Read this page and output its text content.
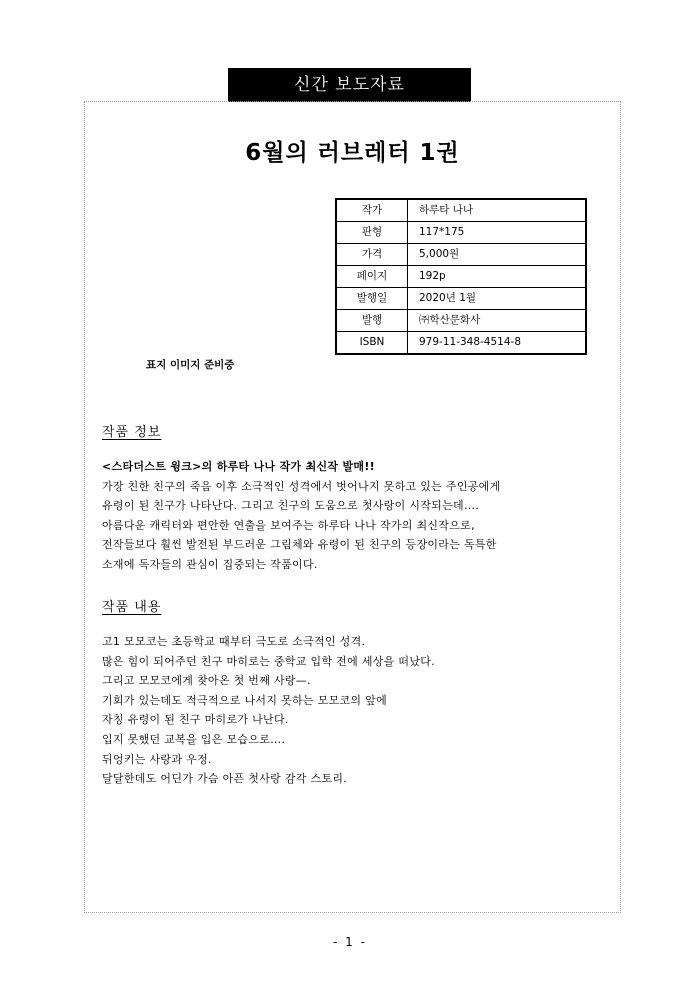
신간 보도자료
6월의 러브레터 1권
작가	하루타 나나
판형	117*175
가격	5,000원
페이지	192p
발행일	2020년 1월
발행	㈜학산문화사
ISBN	979-11-348-4514-8
표지 이미지 준비중
작품 정보
<스타더스트 윙크>의 하루타 나나 작가 최신작 발매!!
가장 친한 친구의 죽음 이후 소극적인 성격에서 벗어나지 못하고 있는 주인공에게
유령이 된 친구가 나타난다. 그리고 친구의 도움으로 첫사랑이 시작되는데….
아름다운 캐릭터와 편안한 연출을 보여주는 하루타 나나 작가의 최신작으로,
전작들보다 훨씬 발전된 부드러운 그림체와 유령이 된 친구의 등장이라는 독특한
소재에 독자들의 관심이 집중되는 작품이다.
작품 내용
고1 모모코는 초등학교 때부터 극도로 소극적인 성격.
많은 힘이 되어주던 친구 마히로는 중학교 입학 전에 세상을 떠났다.
그리고 모모코에게 찾아온 첫 번째 사랑—.
기회가 있는데도 적극적으로 나서지 못하는 모모코의 앞에
자칭 유령이 된 친구 마히로가 나난다.
입지 못했던 교복을 입은 모습으로….
뒤엉키는 사랑과 우정.
달달한데도 어딘가 가슴 아픈 첫사랑 감각 스토리.
- 1 -
